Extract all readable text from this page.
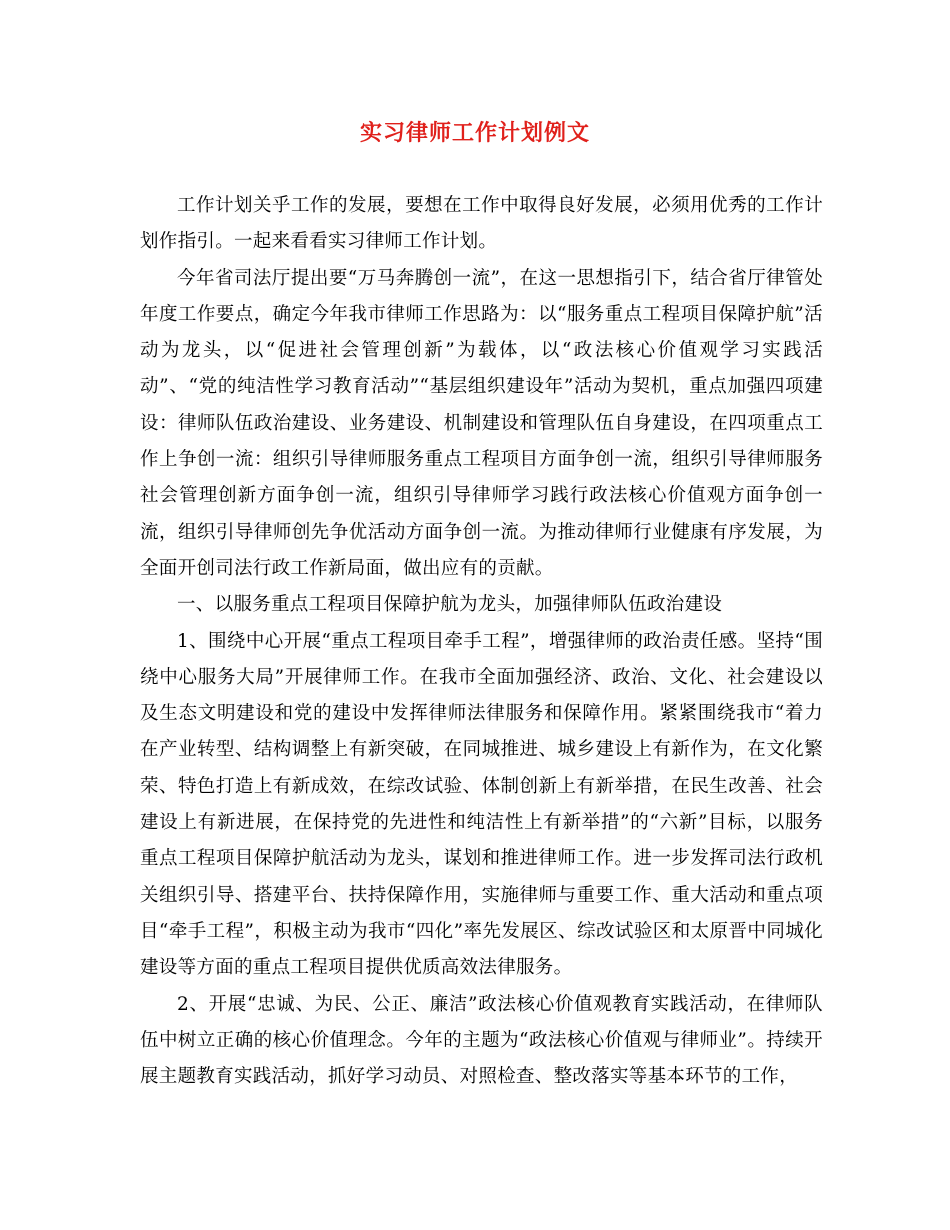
实习律师工作计划例文

工作计划关乎工作的发展，要想在工作中取得良好发展，必须用优秀的工作计划作指引。一起来看看实习律师工作计划。

今年省司法厅提出要“万马奔腾创一流”，在这一思想指引下，结合省厅律管处年度工作要点，确定今年我市律师工作思路为：以“服务重点工程项目保障护航”活动为龙头，以“促进社会管理创新”为载体，以“政法核心价值观学习实践活动”、“党的纯洁性学习教育活动”“基层组织建设年”活动为契机，重点加强四项建设：律师队伍政治建设、业务建设、机制建设和管理队伍自身建设，在四项重点工作上争创一流：组织引导律师服务重点工程项目方面争创一流，组织引导律师服务社会管理创新方面争创一流，组织引导律师学习践行政法核心价值观方面争创一流，组织引导律师创先争优活动方面争创一流。为推动律师行业健康有序发展，为全面开创司法行政工作新局面，做出应有的贡献。

一、以服务重点工程项目保障护航为龙头，加强律师队伍政治建设

1、围绕中心开展“重点工程项目牵手工程”，增强律师的政治责任感。坚持“围绕中心服务大局”开展律师工作。在我市全面加强经济、政治、文化、社会建设以及生态文明建设和党的建设中发挥律师法律服务和保障作用。紧紧围绕我市“着力在产业转型、结构调整上有新突破，在同城推进、城乡建设上有新作为，在文化繁荣、特色打造上有新成效，在综改试验、体制创新上有新举措，在民生改善、社会建设上有新进展，在保持党的先进性和纯洁性上有新举措”的“六新”目标，以服务重点工程项目保障护航活动为龙头，谋划和推进律师工作。进一步发挥司法行政机关组织引导、搭建平台、扶持保障作用，实施律师与重要工作、重大活动和重点项目“牵手工程”，积极主动为我市“四化”率先发展区、综改试验区和太原晋中同城化建设等方面的重点工程项目提供优质高效法律服务。

2、开展“忠诚、为民、公正、廉洁”政法核心价值观教育实践活动，在律师队伍中树立正确的核心价值理念。今年的主题为“政法核心价值观与律师业”。持续开展主题教育实践活动，抓好学习动员、对照检查、整改落实等基本环节的工作，
